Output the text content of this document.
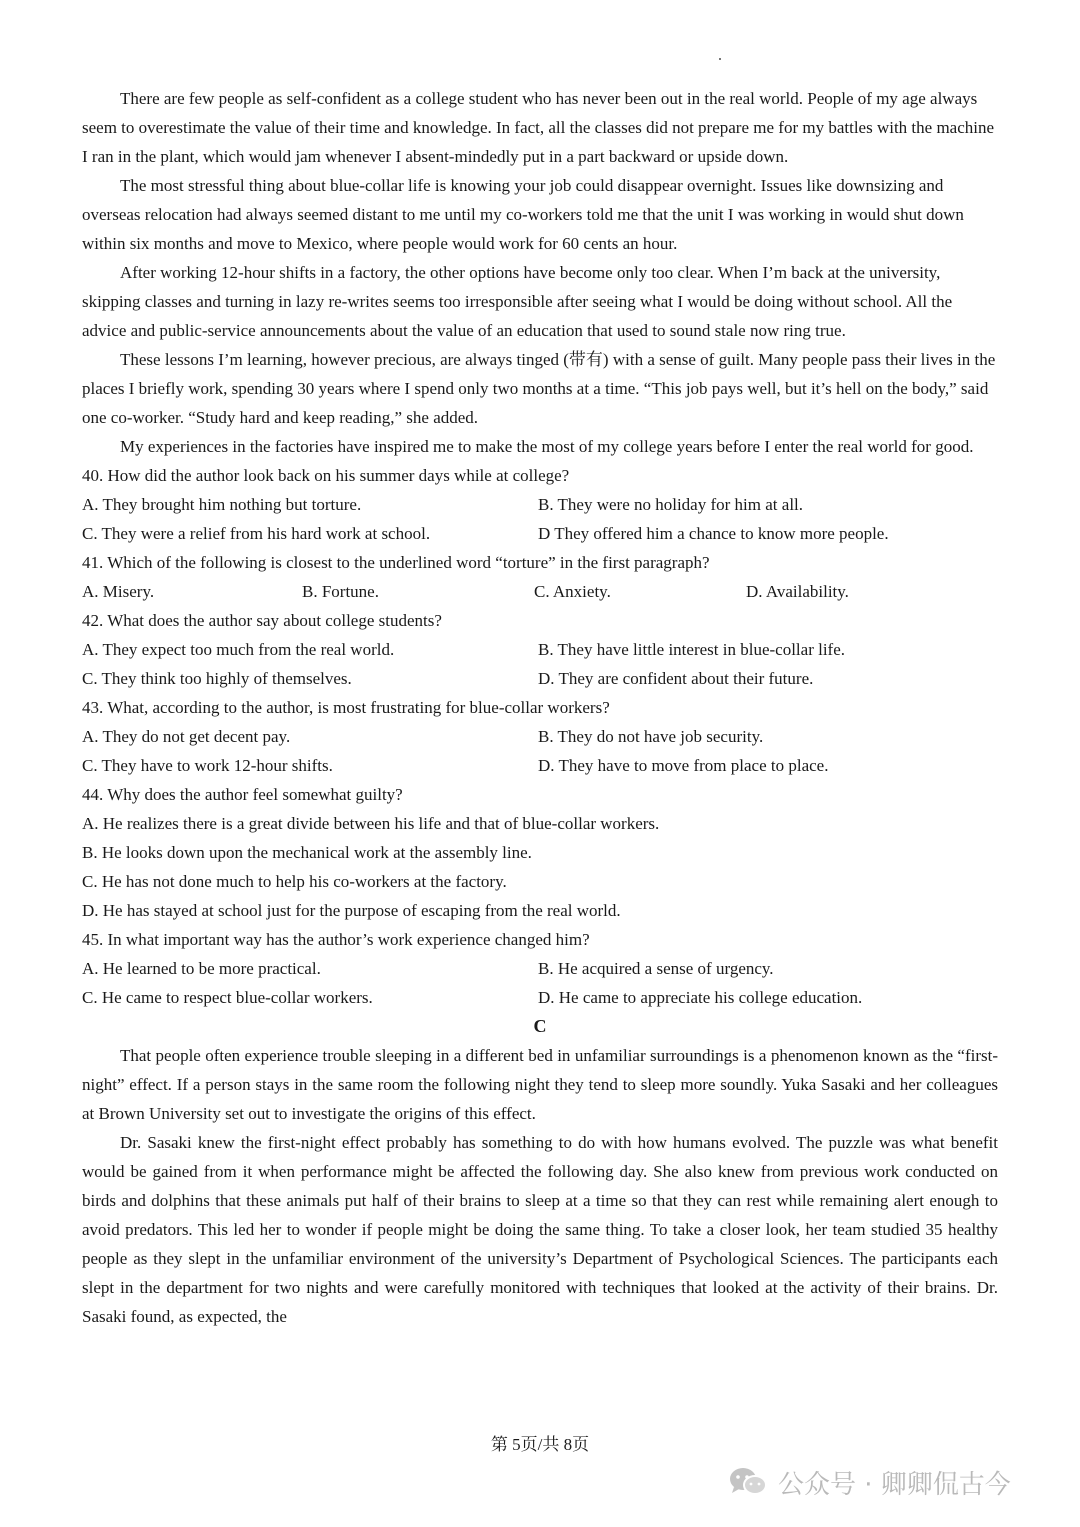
There are few people as self-confident as a college student who has never been out in the real world. People of my age always seem to overestimate the value of their time and knowledge. In fact, all the classes did not prepare me for my battles with the machine I ran in the plant, which would jam whenever I absent-mindedly put in a part backward or upside down.

The most stressful thing about blue-collar life is knowing your job could disappear overnight. Issues like downsizing and overseas relocation had always seemed distant to me until my co-workers told me that the unit I was working in would shut down within six months and move to Mexico, where people would work for 60 cents an hour.

After working 12-hour shifts in a factory, the other options have become only too clear. When I’m back at the university, skipping classes and turning in lazy re-writes seems too irresponsible after seeing what I would be doing without school. All the advice and public-service announcements about the value of an education that used to sound stale now ring true.

These lessons I’m learning, however precious, are always tinged (带有) with a sense of guilt. Many people pass their lives in the places I briefly work, spending 30 years where I spend only two months at a time. “This job pays well, but it’s hell on the body,” said one co-worker. “Study hard and keep reading,” she added.

My experiences in the factories have inspired me to make the most of my college years before I enter the real world for good.

40. How did the author look back on his summer days while at college?

A. They brought him nothing but torture.	B. They were no holiday for him at all.
C. They were a relief from his hard work at school.	D They offered him a chance to know more people.

41. Which of the following is closest to the underlined word “torture” in the first paragraph?

A. Misery.	B. Fortune.	C. Anxiety.	D. Availability.

42. What does the author say about college students?

A. They expect too much from the real world.	B. They have little interest in blue-collar life.
C. They think too highly of themselves.	D. They are confident about their future.

43. What, according to the author, is most frustrating for blue-collar workers?

A. They do not get decent pay.	B. They do not have job security.
C. They have to work 12-hour shifts.	D. They have to move from place to place.

44. Why does the author feel somewhat guilty?

A. He realizes there is a great divide between his life and that of blue-collar workers.
B. He looks down upon the mechanical work at the assembly line.
C. He has not done much to help his co-workers at the factory.
D. He has stayed at school just for the purpose of escaping from the real world.

45. In what important way has the author’s work experience changed him?

A. He learned to be more practical.	B. He acquired a sense of urgency.
C. He came to respect blue-collar workers.	D. He came to appreciate his college education.
C

That people often experience trouble sleeping in a different bed in unfamiliar surroundings is a phenomenon known as the “first-night” effect. If a person stays in the same room the following night they tend to sleep more soundly. Yuka Sasaki and her colleagues at Brown University set out to investigate the origins of this effect.

Dr. Sasaki knew the first-night effect probably has something to do with how humans evolved. The puzzle was what benefit would be gained from it when performance might be affected the following day. She also knew from previous work conducted on birds and dolphins that these animals put half of their brains to sleep at a time so that they can rest while remaining alert enough to avoid predators. This led her to wonder if people might be doing the same thing. To take a closer look, her team studied 35 healthy people as they slept in the unfamiliar environment of the university’s Department of Psychological Sciences. The participants each slept in the department for two nights and were carefully monitored with techniques that looked at the activity of their brains. Dr. Sasaki found, as expected, the

第 5页/共 8页
公众号 · 卿卿侃古今
